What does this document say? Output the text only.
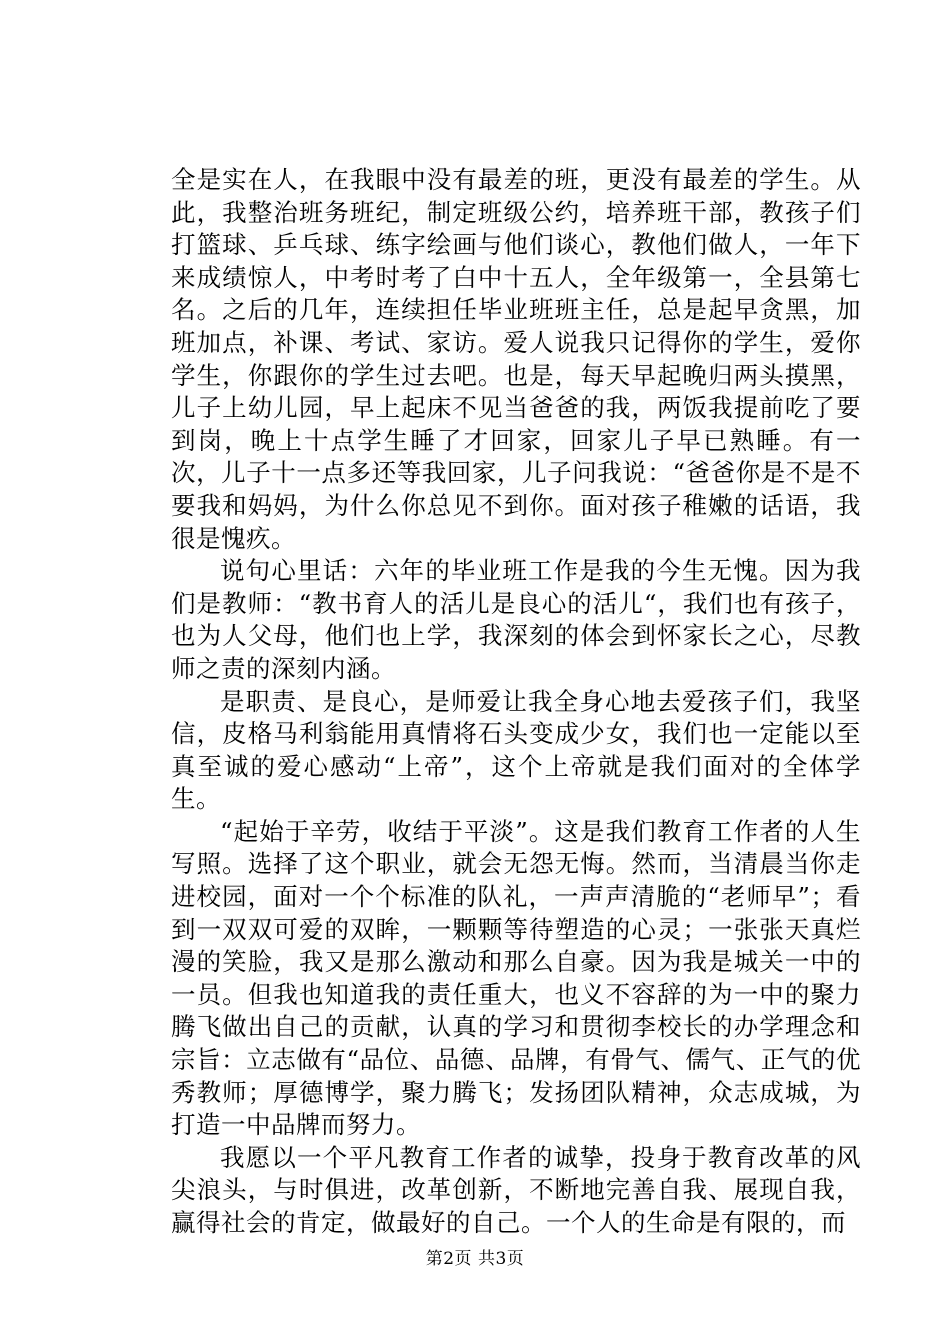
全是实在人，在我眼中没有最差的班，更没有最差的学生。从此，我整治班务班纪，制定班级公约，培养班干部，教孩子们打篮球、乒乓球、练字绘画与他们谈心，教他们做人，一年下来成绩惊人，中考时考了白中十五人，全年级第一，全县第七名。之后的几年，连续担任毕业班班主任，总是起早贪黑，加班加点，补课、考试、家访。爱人说我只记得你的学生，爱你学生，你跟你的学生过去吧。也是，每天早起晚归两头摸黑，儿子上幼儿园，早上起床不见当爸爸的我，两饭我提前吃了要到岗，晚上十点学生睡了才回家，回家儿子早已熟睡。有一次，儿子十一点多还等我回家，儿子问我说：“爸爸你是不是不要我和妈妈，为什么你总见不到你。面对孩子稚嫩的话语，我很是愧疚。

说句心里话：六年的毕业班工作是我的今生无愧。因为我们是教师：“教书育人的活儿是良心的活儿“，我们也有孩子，也为人父母，他们也上学，我深刻的体会到怀家长之心，尽教师之责的深刻内涵。

是职责、是良心，是师爱让我全身心地去爱孩子们，我坚信，皮格马利翁能用真情将石头变成少女，我们也一定能以至真至诚的爱心感动“上帝”，这个上帝就是我们面对的全体学生。

“起始于辛劳，收结于平淡”。这是我们教育工作者的人生写照。选择了这个职业，就会无怨无悔。然而，当清晨当你走进校园，面对一个个标准的队礼，一声声清脆的“老师早”；看到一双双可爱的双眸，一颗颗等待塑造的心灵；一张张天真烂漫的笑脸，我又是那么激动和那么自豪。因为我是城关一中的一员。但我也知道我的责任重大，也义不容辞的为一中的聚力腾飞做出自己的贡献，认真的学习和贯彻李校长的办学理念和宗旨：立志做有“品位、品德、品牌，有骨气、儒气、正气的优秀教师；厚德博学，聚力腾飞；发扬团队精神，众志成城，为打造一中品牌而努力。

我愿以一个平凡教育工作者的诚挚，投身于教育改革的风尖浪头，与时俱进，改革创新，不断地完善自我、展现自我，赢得社会的肯定，做最好的自己。一个人的生命是有限的，而

第2页 共3页
